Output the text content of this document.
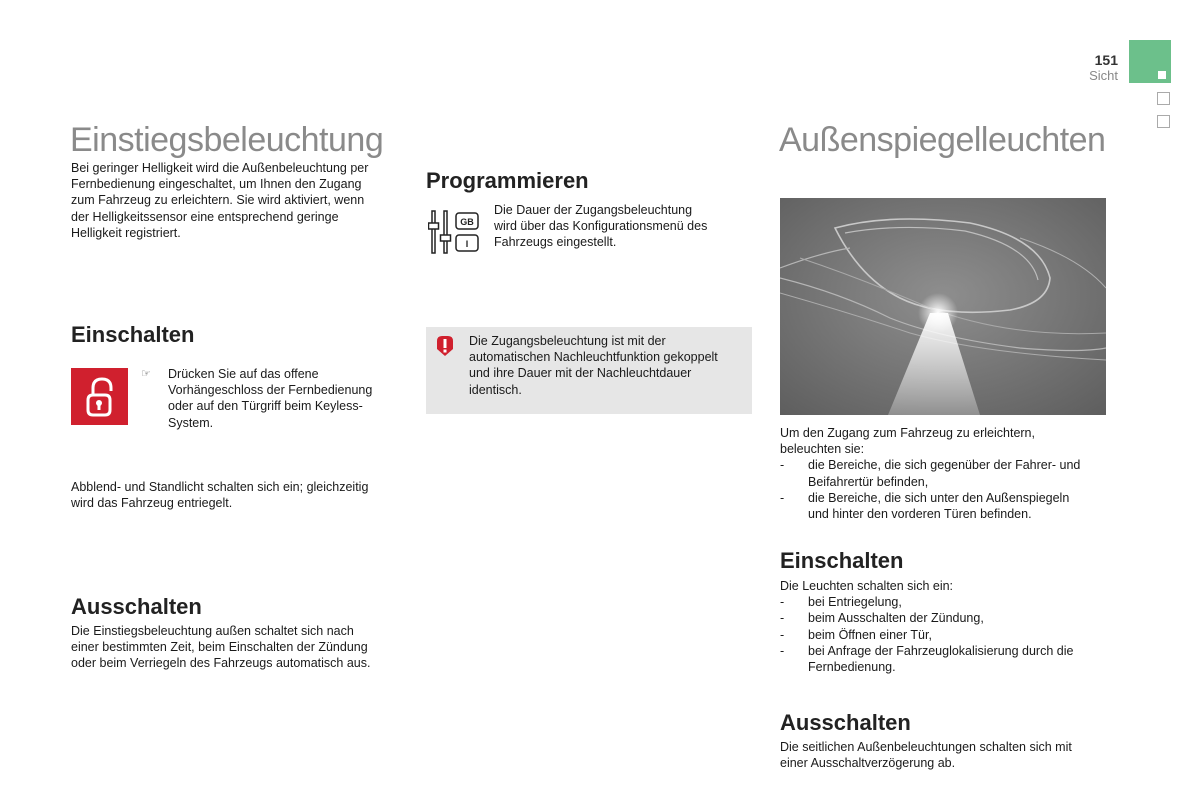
151
Sicht
Einstiegsbeleuchtung

Bei geringer Helligkeit wird die Außenbeleuchtung per

Fernbedienung eingeschaltet, um Ihnen den Zugang

zum Fahrzeug zu erleichtern. Sie wird aktiviert, wenn

der Helligkeitssensor eine entsprechend geringe

Helligkeit registriert.

Einschalten
☞ Drücken Sie auf das offene

Vorhängeschloss der Fernbedienung

oder auf den Türgriff beim Keyless-

System.

Abblend- und Standlicht schalten sich ein; gleichzeitig

wird das Fahrzeug entriegelt.

Ausschalten

Die Einstiegsbeleuchtung außen schaltet sich nach

einer bestimmten Zeit, beim Einschalten der Zündung

oder beim Verriegeln des Fahrzeugs automatisch aus.

Programmieren
GB
I

Die Dauer der Zugangsbeleuchtung

wird über das Konfigurationsmenü des

Fahrzeugs eingestellt.

Die Zugangsbeleuchtung ist mit der

automatischen Nachleuchtfunktion gekoppelt

und ihre Dauer mit der Nachleuchtdauer

identisch.

Außenspiegelleuchten

Um den Zugang zum Fahrzeug zu erleichtern,

beleuchten sie:

- die Bereiche, die sich gegenüber der Fahrer- und
Beifahrertür befinden,
- die Bereiche, die sich unter den Außenspiegeln
und hinter den vorderen Türen befinden.
Einschalten

Die Leuchten schalten sich ein:

- bei Entriegelung,
- beim Ausschalten der Zündung,
- beim Öffnen einer Tür,
- bei Anfrage der Fahrzeuglokalisierung durch die
Fernbedienung.
Ausschalten

Die seitlichen Außenbeleuchtungen schalten sich mit

einer Ausschaltverzögerung ab.
